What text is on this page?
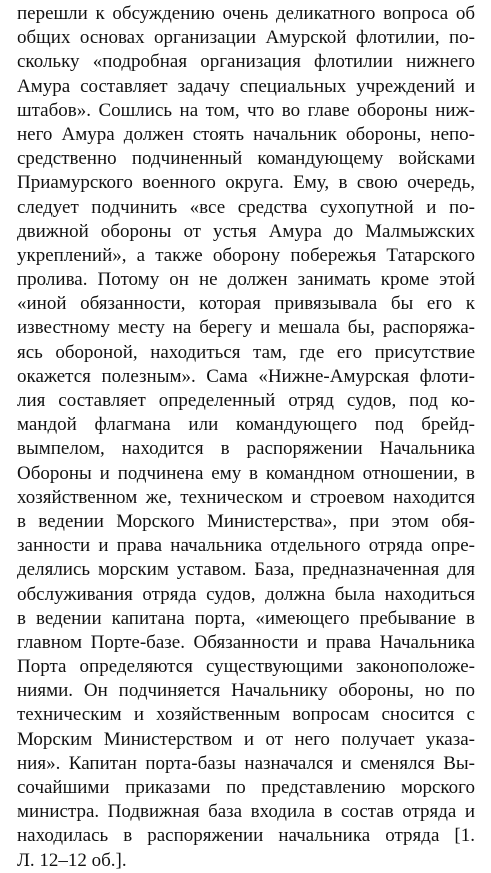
перешли к обсуждению очень деликатного вопроса об
общих основах организации Амурской флотилии, по-
скольку «подробная организация флотилии нижнего
Амура составляет задачу специальных учреждений и
штабов». Сошлись на том, что во главе обороны ниж-
него Амура должен стоять начальник обороны, непо-
средственно подчиненный командующему войсками
Приамурского военного округа. Ему, в свою очередь,
следует подчинить «все средства сухопутной и по-
движной обороны от устья Амура до Малмыжских
укреплений», а также оборону побережья Татарского
пролива. Потому он не должен занимать кроме этой
«иной обязанности, которая привязывала бы его к
известному месту на берегу и мешала бы, распоряжа-
ясь обороной, находиться там, где его присутствие
окажется полезным». Сама «Нижне-Амурская флоти-
лия составляет определенный отряд судов, под ко-
мандой флагмана или командующего под брейд-
вымпелом, находится в распоряжении Начальника
Обороны и подчинена ему в командном отношении, в
хозяйственном же, техническом и строевом находится
в ведении Морского Министерства», при этом обя-
занности и права начальника отдельного отряда опре-
делялись морским уставом. База, предназначенная для
обслуживания отряда судов, должна была находиться
в ведении капитана порта, «имеющего пребывание в
главном Порте-базе. Обязанности и права Начальника
Порта определяются существующими законоположе-
ниями. Он подчиняется Начальнику обороны, но по
техническим и хозяйственным вопросам сносится с
Морским Министерством и от него получает указа-
ния». Капитан порта-базы назначался и сменялся Вы-
сочайшими приказами по представлению морского
министра. Подвижная база входила в состав отряда и
находилась в распоряжении начальника отряда [1.
Л. 12–12 об.].
